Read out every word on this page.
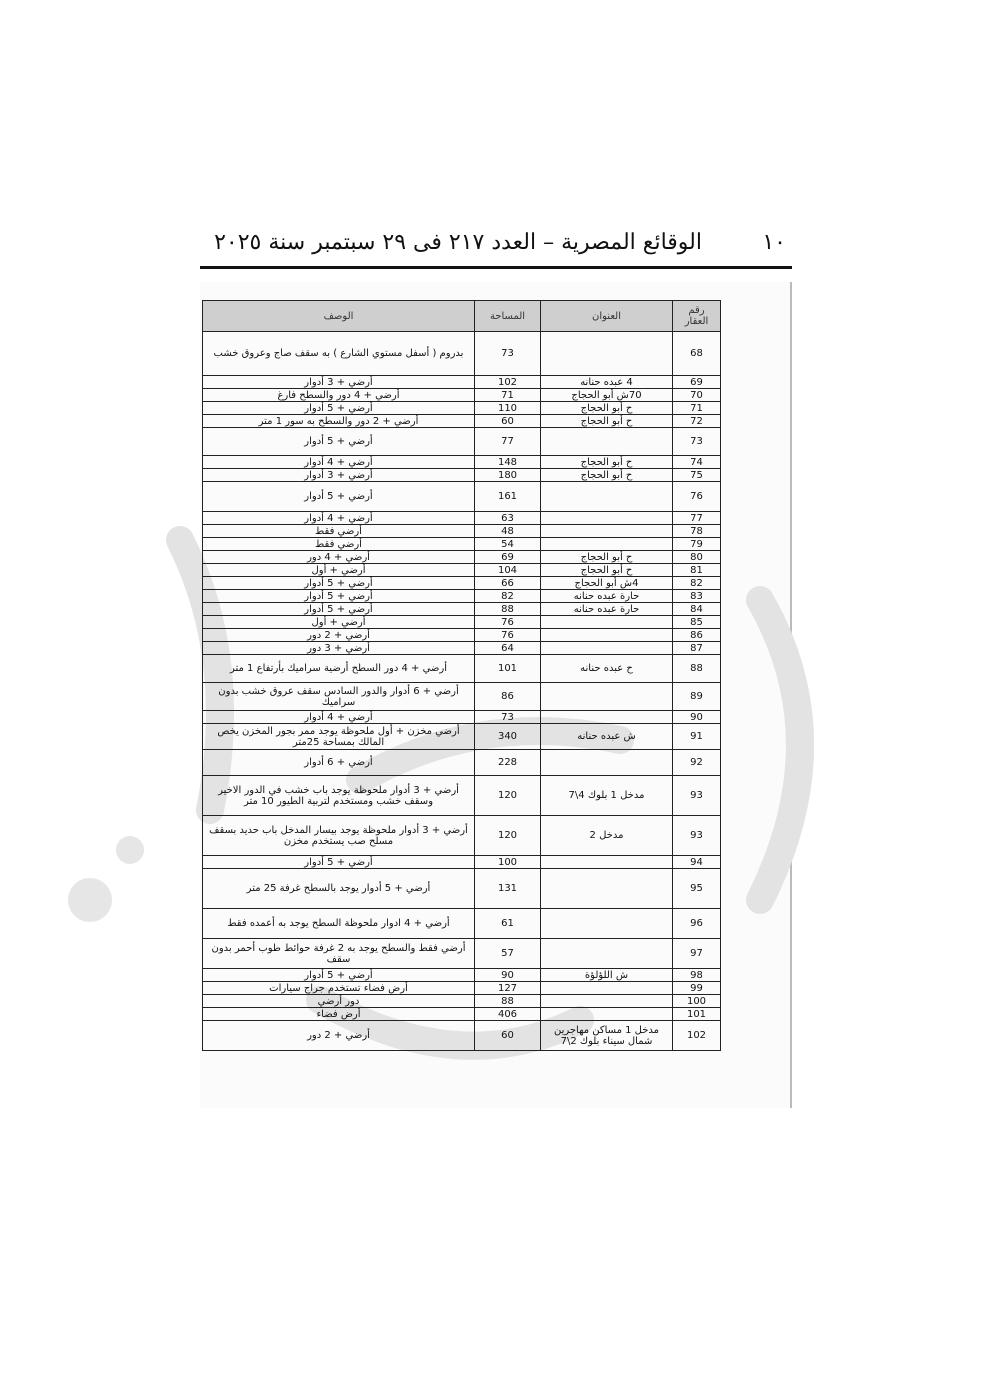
١٠
الوقائع المصرية – العدد ٢١٧ فى ٢٩ سبتمبر سنة ٢٠٢٥
رقم العقار	العنوان	المساحة	الوصف
68		73	بدروم ( أسفل مستوي الشارع ) به سقف صاج وعروق خشب
69	4 عبده حنانه	102	أرضي + 3 أدوار
70	70ش أبو الحجاج	71	أرضي + 4 دور والسطح فارغ
71	ح أبو الحجاج	110	أرضي + 5 أدوار
72	ح أبو الحجاج	60	أرضي + 2 دور والسطح به سور 1 متر
73		77	أرضي + 5 أدوار
74	ح أبو الحجاج	148	أرضي + 4 أدوار
75	ح أبو الحجاج	180	أرضي + 3 أدوار
76		161	أرضي + 5 أدوار
77		63	أرضي + 4 أدوار
78		48	أرضي فقط
79		54	أرضي فقط
80	ح أبو الحجاج	69	أرضي + 4 دور
81	ح أبو الحجاج	104	أرضي + أول
82	4ش أبو الحجاج	66	أرضي + 5 أدوار
83	حارة عبده حنانه	82	أرضي + 5 أدوار
84	حارة عبده حنانه	88	أرضي + 5 أدوار
85		76	أرضي + أول
86		76	أرضي + 2 دور
87		64	أرضي + 3 دور
88	ح عبده حنانه	101	أرضي + 4 دور السطح أرضية سراميك بأرتفاع 1 متر
89		86	أرضي + 6 أدوار والدور السادس سقف عروق خشب بدون سراميك
90		73	أرضي + 4 أدوار
91	ش عبده حنانه	340	أرضي مخزن + أول ملحوظة يوجد ممر بجور المخزن يخص المالك بمساحة 25متر
92		228	أرضي + 6 أدوار
93	مدخل 1 بلوك 4\7	120	أرضي + 3 أدوار ملحوظة يوجد باب خشب في الدور الاخير وسقف خشب ومستخدم لتربية الطيور 10 متر
93	مدخل 2	120	أرضي + 3 أدوار ملحوظة يوجد بيسار المدخل باب حديد بسقف مسلح صب يستخدم مخزن
94		100	أرضي + 5 أدوار
95		131	أرضي + 5 أدوار يوجد بالسطح غرفة 25 متر
96		61	أرضي + 4 ادوار ملحوظة السطح يوجد به أعمده فقط
97		57	أرضي فقط والسطح يوجد به 2 غرفة حوائط طوب أحمر بدون سقف
98	ش اللؤلؤة	90	أرضي + 5 أدوار
99		127	أرض فضاء تستخدم جراج سيارات
100		88	دور أرضي
101		406	أرض فضاء
102	مدخل 1 مساكن مهاجرين شمال سيناء بلوك 2\7	60	أرضي + 2 دور
